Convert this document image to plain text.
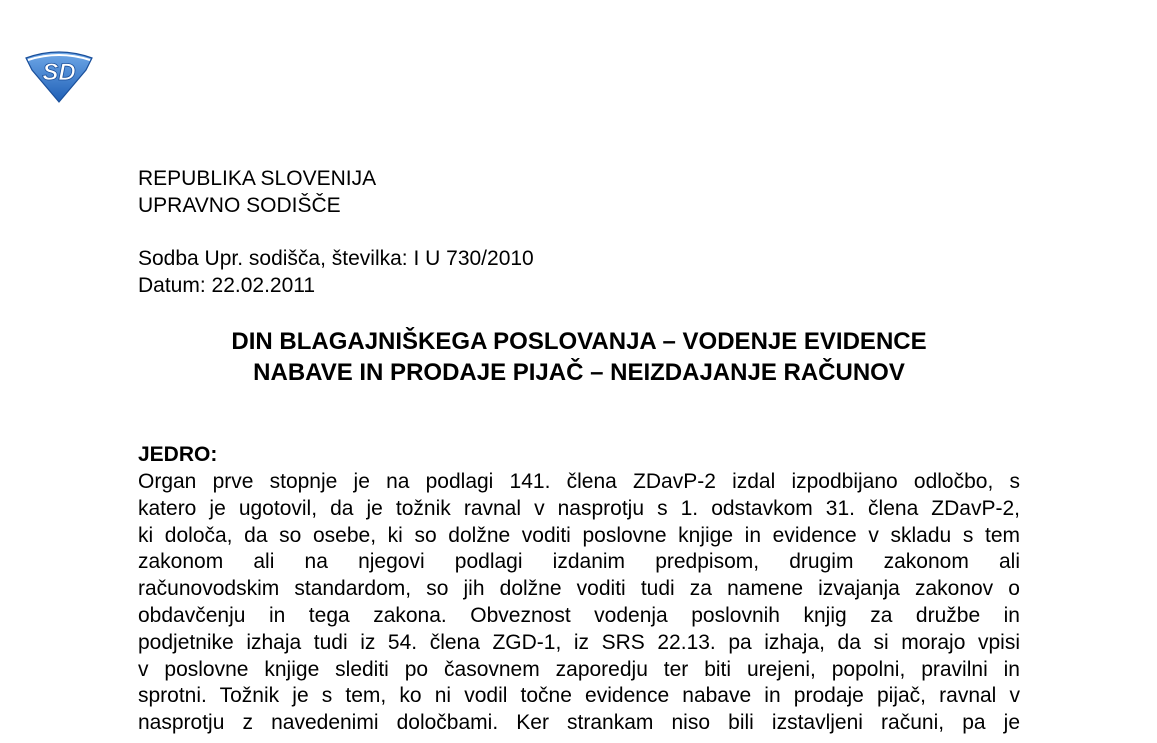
SD
REPUBLIKA SLOVENIJA
UPRAVNO SODIŠČE
Sodba Upr. sodišča, številka: I U 730/2010
Datum: 22.02.2011
DIN BLAGAJNIŠKEGA POSLOVANJA – VODENJE EVIDENCE
NABAVE IN PRODAJE PIJAČ – NEIZDAJANJE RAČUNOV
JEDRO:
Organ prve stopnje je na podlagi 141. člena ZDavP-2 izdal izpodbijano odločbo, s
katero je ugotovil, da je tožnik ravnal v nasprotju s 1. odstavkom 31. člena ZDavP-2,
ki določa, da so osebe, ki so dolžne voditi poslovne knjige in evidence v skladu s tem
zakonom ali na njegovi podlagi izdanim predpisom, drugim zakonom ali
računovodskim standardom, so jih dolžne voditi tudi za namene izvajanja zakonov o
obdavčenju in tega zakona. Obveznost vodenja poslovnih knjig za družbe in
podjetnike izhaja tudi iz 54. člena ZGD-1, iz SRS 22.13. pa izhaja, da si morajo vpisi
v poslovne knjige slediti po časovnem zaporedju ter biti urejeni, popolni, pravilni in
sprotni. Tožnik je s tem, ko ni vodil točne evidence nabave in prodaje pijač, ravnal v
nasprotju z navedenimi določbami. Ker strankam niso bili izstavljeni računi, pa je
